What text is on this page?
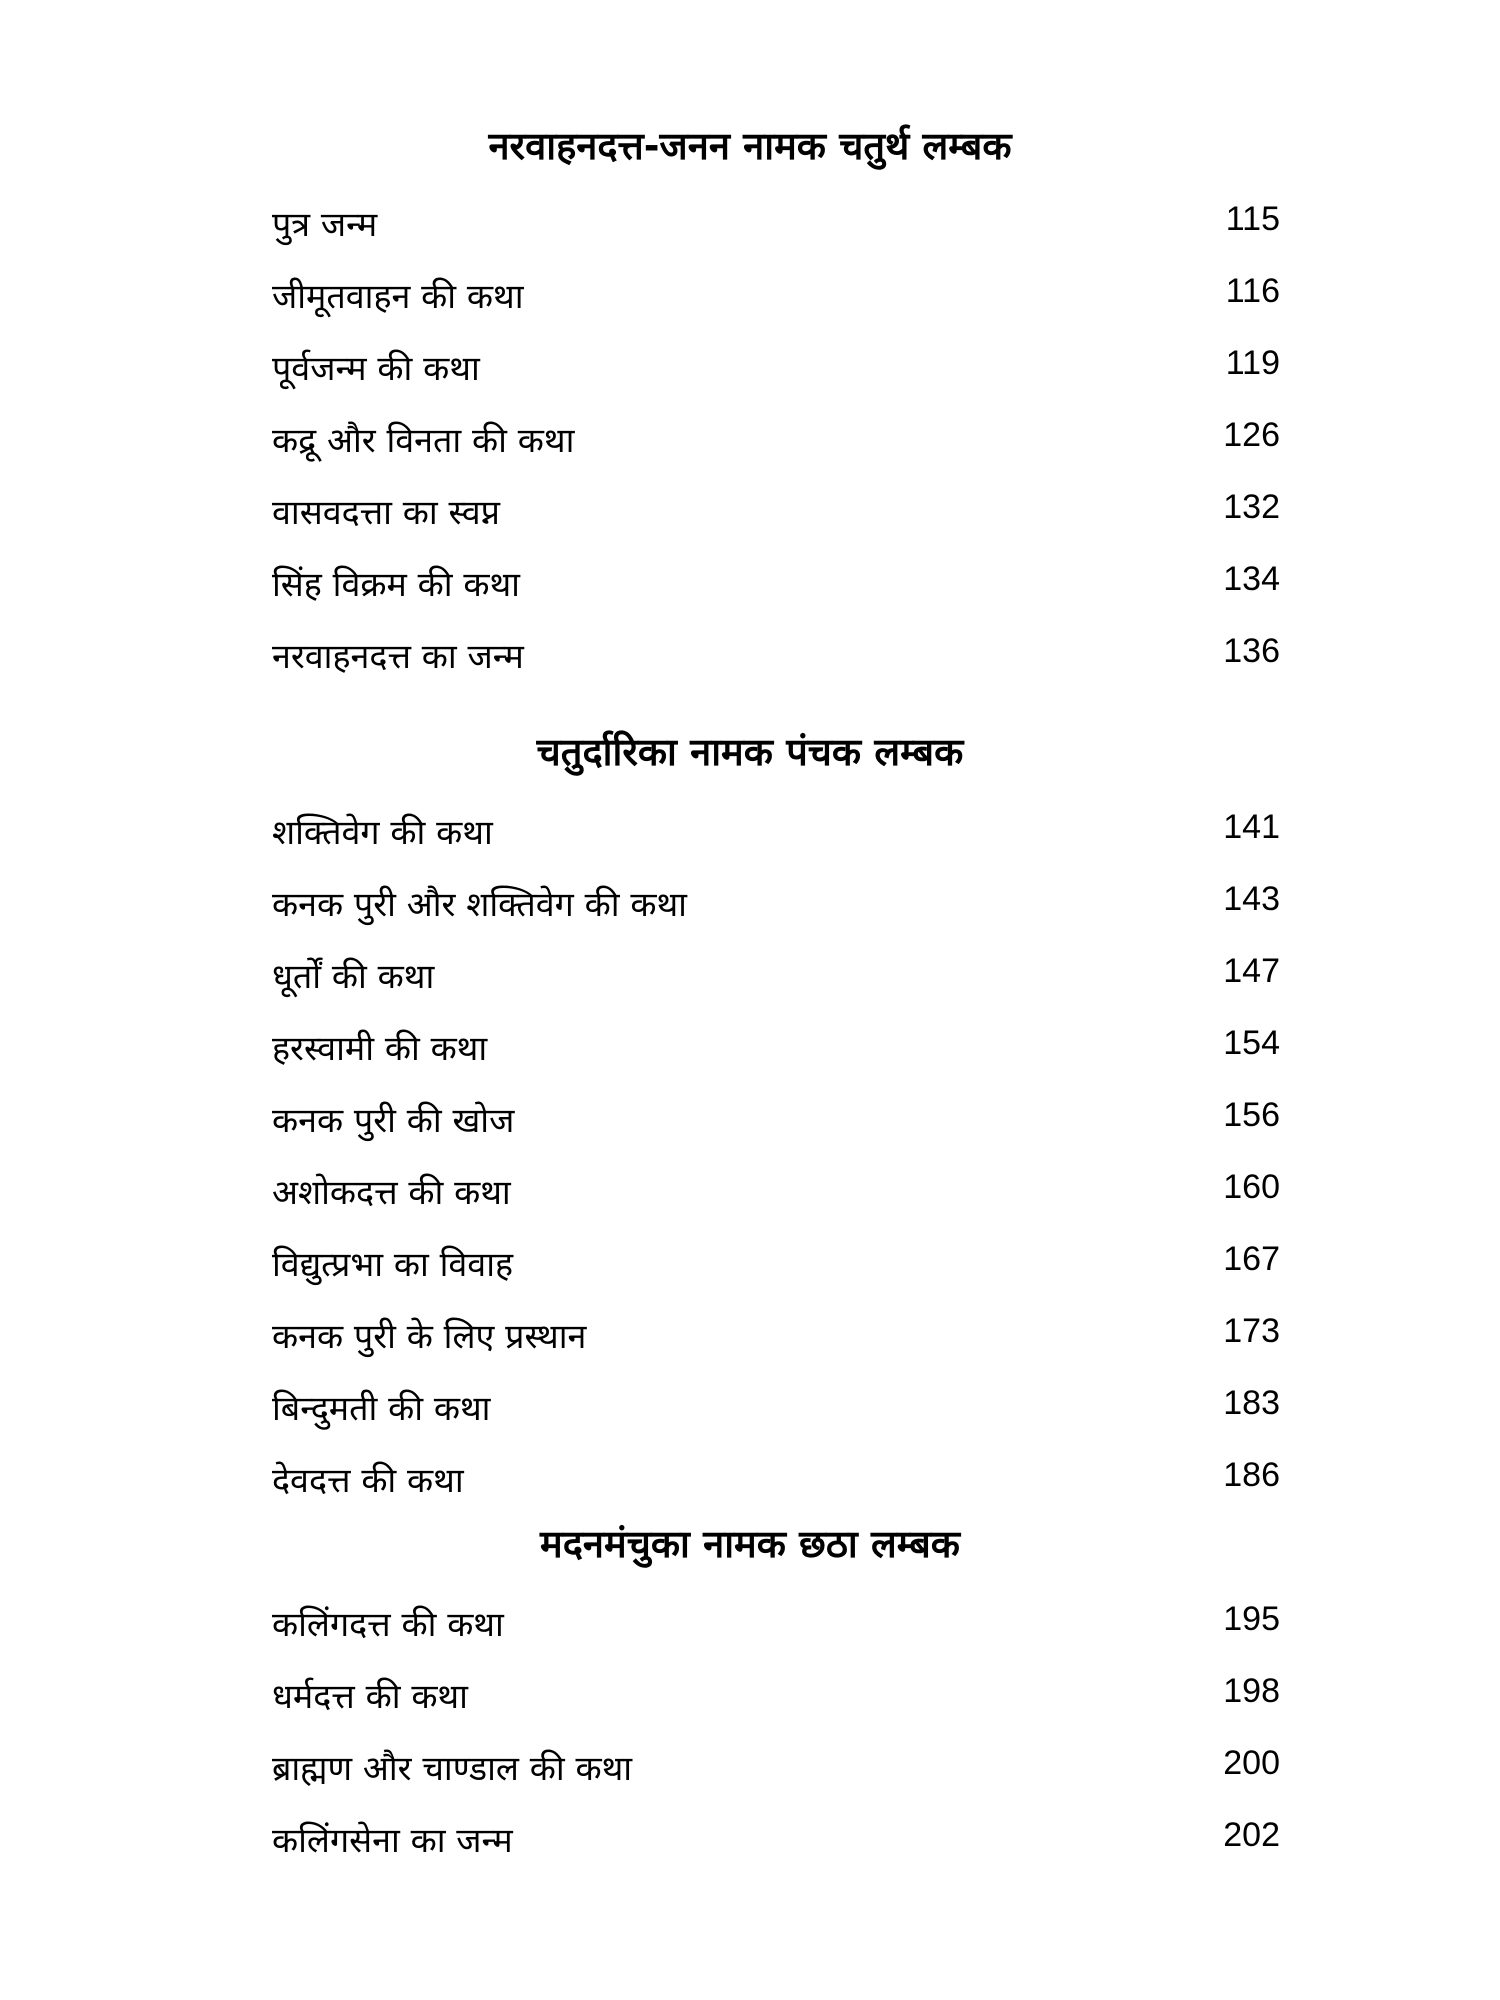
नरवाहनदत्त-जनन नामक चतुर्थ लम्बक
पुत्र जन्म	115
जीमूतवाहन की कथा	116
पूर्वजन्म की कथा	119
कद्रू और विनता की कथा	126
वासवदत्ता का स्वप्न	132
सिंह विक्रम की कथा	134
नरवाहनदत्त का जन्म	136
चतुर्दारिका नामक पंचक लम्बक
शक्तिवेग की कथा	141
कनक पुरी और शक्तिवेग की कथा	143
धूर्तों की कथा	147
हरस्वामी की कथा	154
कनक पुरी की खोज	156
अशोकदत्त की कथा	160
विद्युत्प्रभा का विवाह	167
कनक पुरी के लिए प्रस्थान	173
बिन्दुमती की कथा	183
देवदत्त की कथा	186
मदनमंचुका नामक छठा लम्बक
कलिंगदत्त की कथा	195
धर्मदत्त की कथा	198
ब्राह्मण और चाण्डाल की कथा	200
कलिंगसेना का जन्म	202
